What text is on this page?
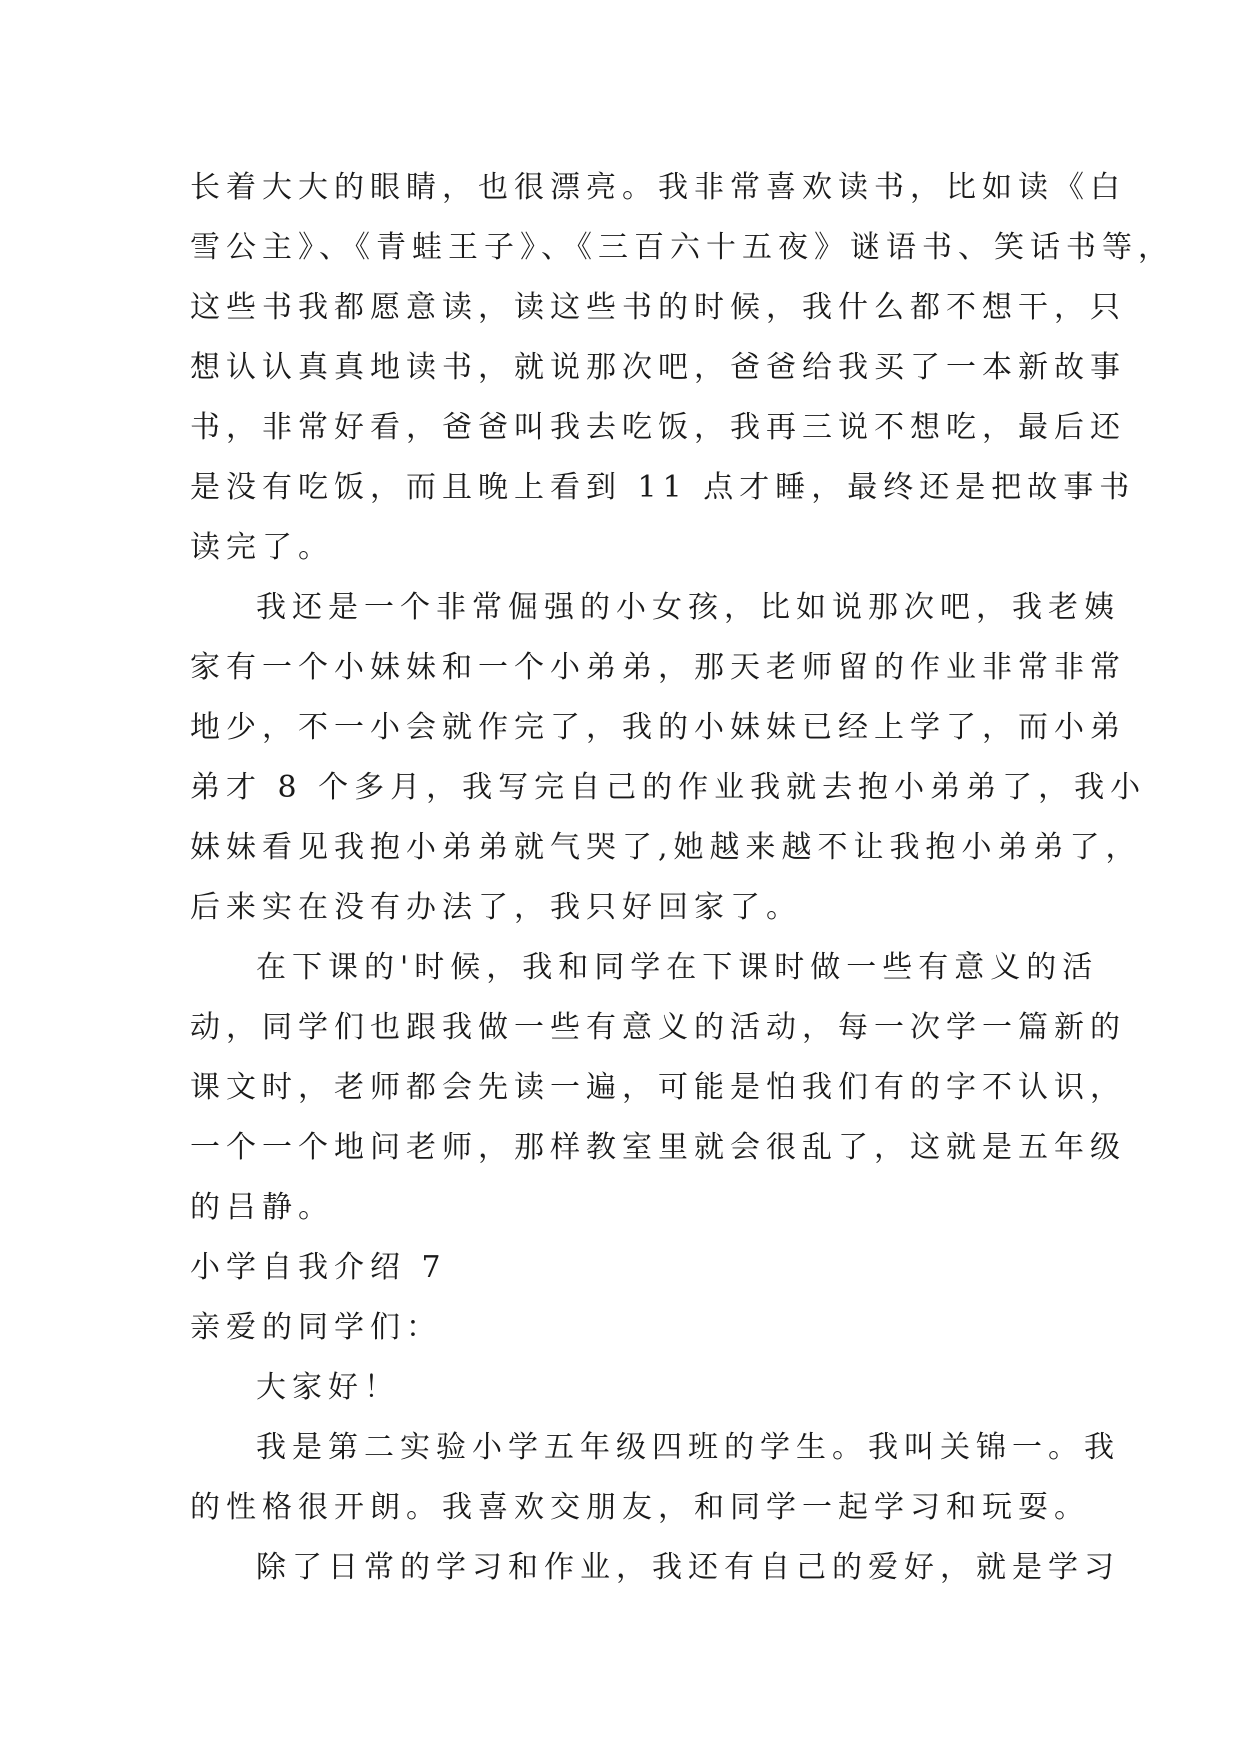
长着大大的眼睛，也很漂亮。我非常喜欢读书，比如读《白
雪公主》、《青蛙王子》、《三百六十五夜》谜语书、笑话书等，
这些书我都愿意读，读这些书的时候，我什么都不想干，只
想认认真真地读书，就说那次吧，爸爸给我买了一本新故事
书，非常好看，爸爸叫我去吃饭，我再三说不想吃，最后还
是没有吃饭，而且晚上看到 11 点才睡，最终还是把故事书
读完了。
我还是一个非常倔强的小女孩，比如说那次吧，我老姨
家有一个小妹妹和一个小弟弟，那天老师留的作业非常非常
地少，不一小会就作完了，我的小妹妹已经上学了，而小弟
弟才 8 个多月，我写完自己的作业我就去抱小弟弟了，我小
妹妹看见我抱小弟弟就气哭了,她越来越不让我抱小弟弟了，
后来实在没有办法了，我只好回家了。
在下课的'时候，我和同学在下课时做一些有意义的活
动，同学们也跟我做一些有意义的活动，每一次学一篇新的
课文时，老师都会先读一遍，可能是怕我们有的字不认识，
一个一个地问老师，那样教室里就会很乱了，这就是五年级
的吕静。
小学自我介绍 7
亲爱的同学们：
大家好！
我是第二实验小学五年级四班的学生。我叫关锦一。我
的性格很开朗。我喜欢交朋友，和同学一起学习和玩耍。
除了日常的学习和作业，我还有自己的爱好，就是学习
